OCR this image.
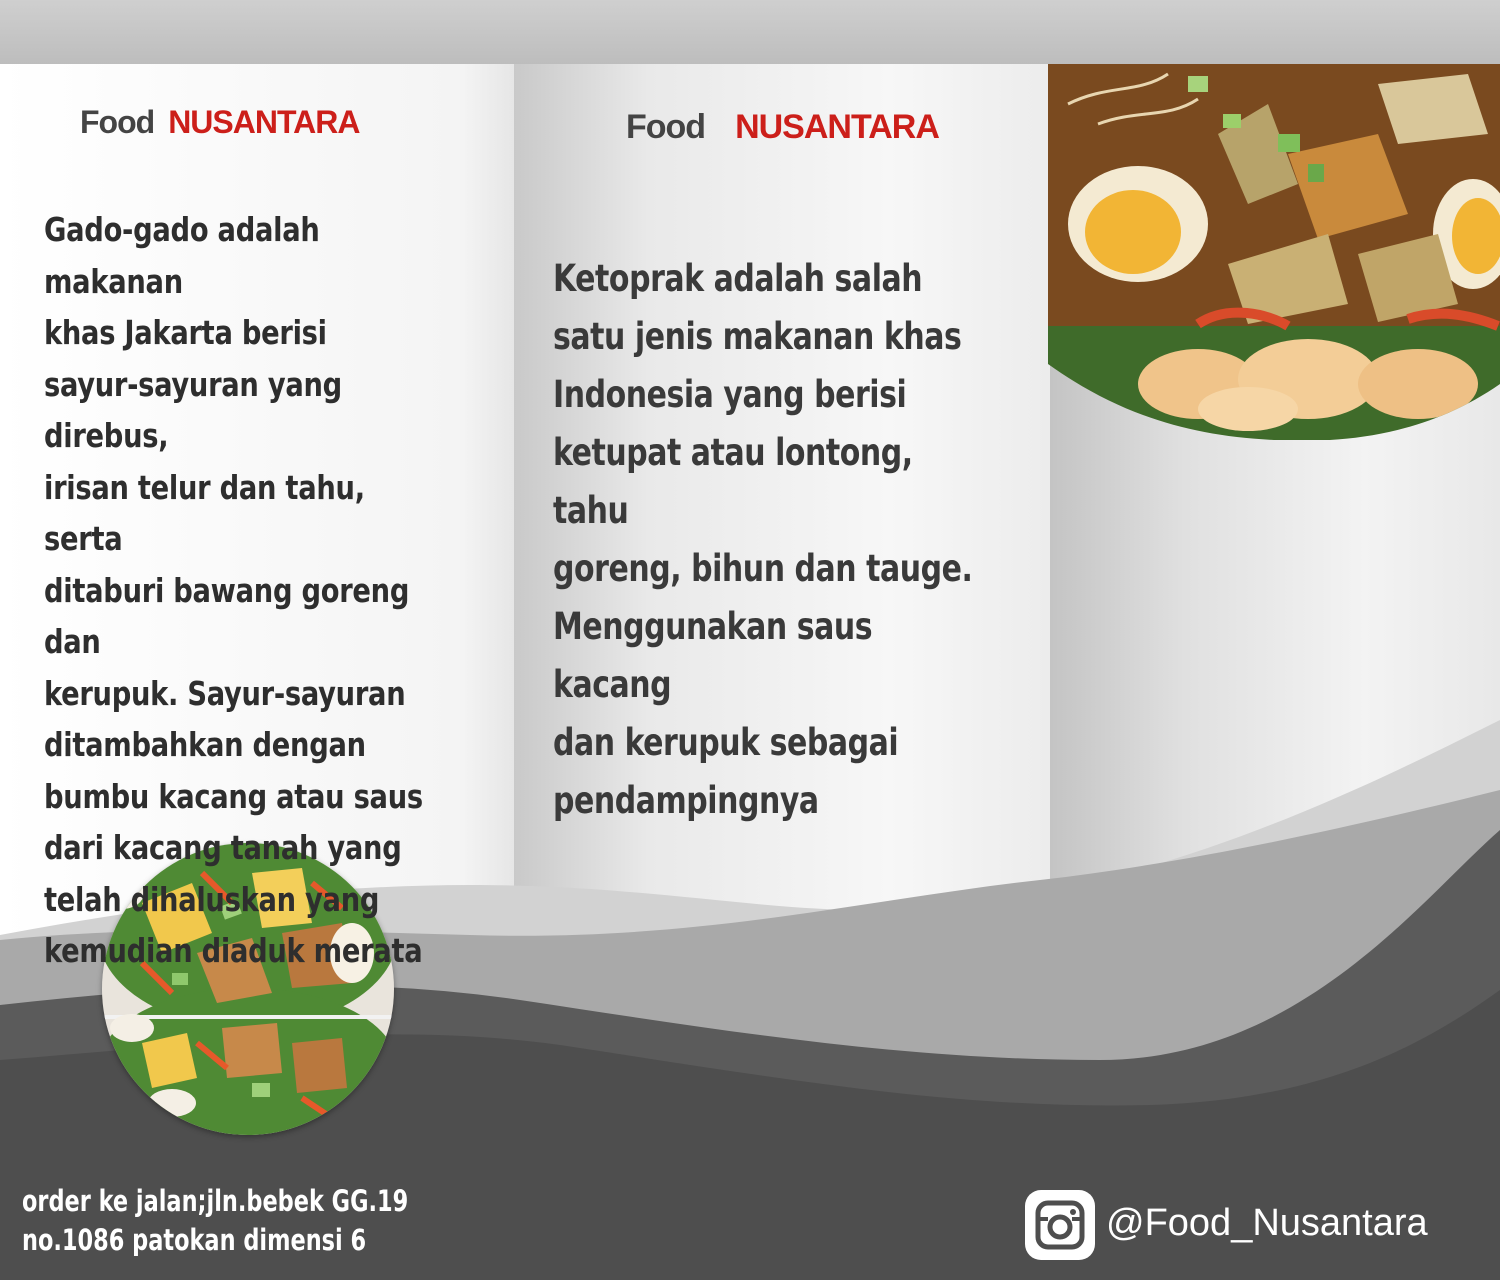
Food NUSANTARA
Gado-gado adalah makanan
khas Jakarta berisi
sayur-sayuran yang direbus,
irisan telur dan tahu, serta
ditaburi bawang goreng dan
kerupuk. Sayur-sayuran
ditambahkan dengan
bumbu kacang atau saus
dari kacang tanah yang
telah dihaluskan yang
kemudian diaduk merata
Food NUSANTARA
Ketoprak adalah salah
satu jenis makanan khas
Indonesia yang berisi
ketupat atau lontong, tahu
goreng, bihun dan tauge.
Menggunakan saus kacang
dan kerupuk sebagai
pendampingnya
order ke jalan;jln.bebek GG.19
no.1086 patokan dimensi 6	@Food_Nusantara
